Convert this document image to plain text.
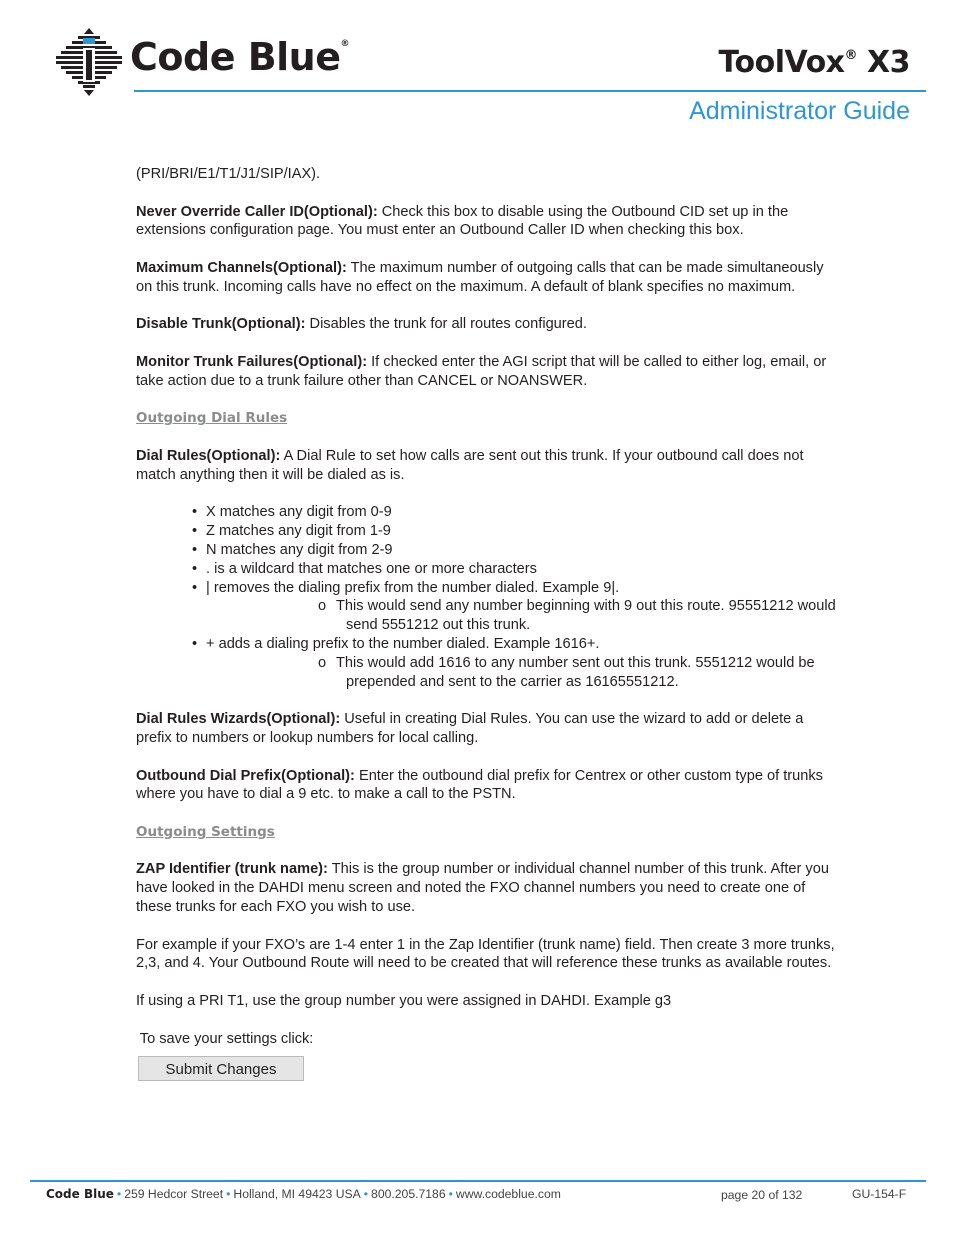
Code Blue®
ToolVox® X3
Administrator Guide

(PRI/BRI/E1/T1/J1/SIP/IAX).

Never Override Caller ID(Optional): Check this box to disable using the Outbound CID set up in the extensions configuration page. You must enter an Outbound Caller ID when checking this box.

Maximum Channels(Optional): The maximum number of outgoing calls that can be made simultaneously on this trunk. Incoming calls have no effect on the maximum. A default of blank specifies no maximum.

Disable Trunk(Optional): Disables the trunk for all routes configured.

Monitor Trunk Failures(Optional): If checked enter the AGI script that will be called to either log, email, or take action due to a trunk failure other than CANCEL or NOANSWER.

Outgoing Dial Rules

Dial Rules(Optional): A Dial Rule to set how calls are sent out this trunk. If your outbound call does not match anything then it will be dialed as is.

• X matches any digit from 0-9
• Z matches any digit from 1-9
• N matches any digit from 2-9
• . is a wildcard that matches one or more characters
• | removes the dialing prefix from the number dialed. Example 9|.
o This would send any number beginning with 9 out this route. 95551212 would
send 5551212 out this trunk.
• + adds a dialing prefix to the number dialed. Example 1616+.
o This would add 1616 to any number sent out this trunk. 5551212 would be
prepended and sent to the carrier as 16165551212.

Dial Rules Wizards(Optional): Useful in creating Dial Rules. You can use the wizard to add or delete a prefix to numbers or lookup numbers for local calling.

Outbound Dial Prefix(Optional): Enter the outbound dial prefix for Centrex or other custom type of trunks where you have to dial a 9 etc. to make a call to the PSTN.

Outgoing Settings

ZAP Identifier (trunk name): This is the group number or individual channel number of this trunk. After you have looked in the DAHDI menu screen and noted the FXO channel numbers you need to create one of these trunks for each FXO you wish to use.

For example if your FXO’s are 1-4 enter 1 in the Zap Identifier (trunk name) field. Then create 3 more trunks, 2,3, and 4. Your Outbound Route will need to be created that will reference these trunks as available routes.

If using a PRI T1, use the group number you were assigned in DAHDI. Example g3

To save your settings click:

Submit Changes
Code Blue • 259 Hedcor Street • Holland, MI 49423 USA • 800.205.7186 • www.codeblue.com	page 20 of 132	GU-154-F
